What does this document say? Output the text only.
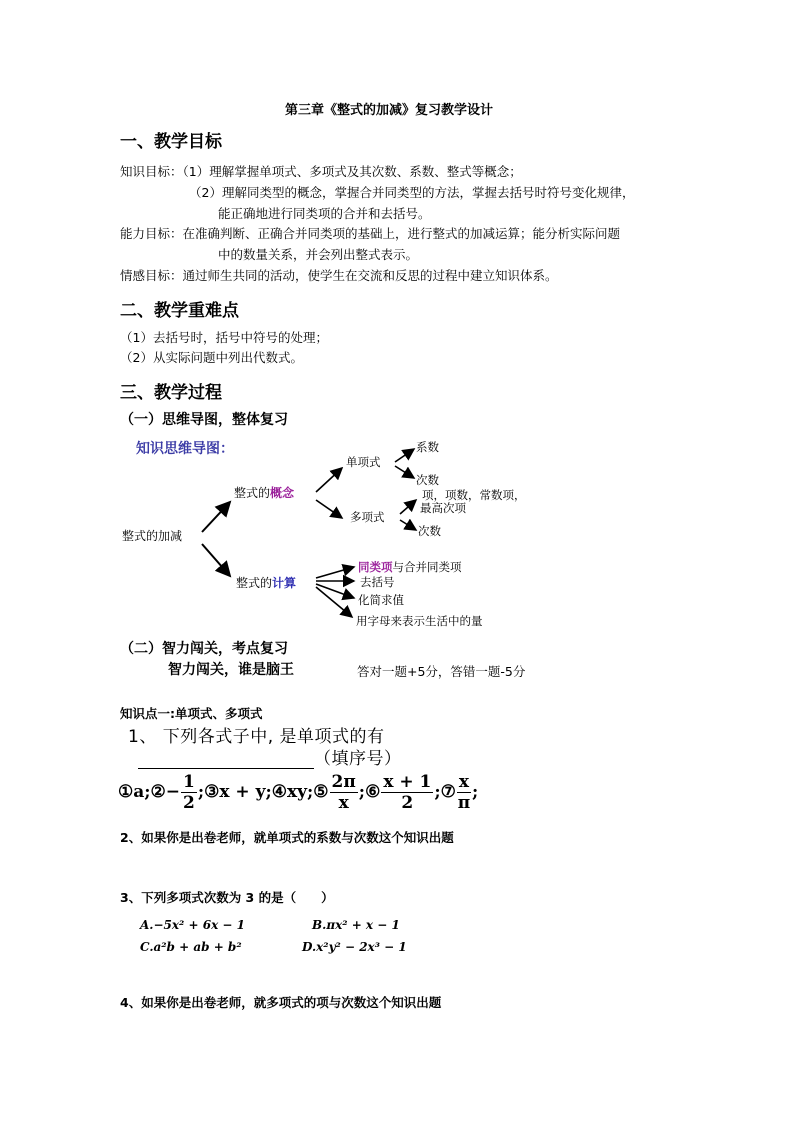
第三章《整式的加减》复习教学设计
一、教学目标
知识目标：（1）理解掌握单项式、多项式及其次数、系数、整式等概念；
（2）理解同类型的概念，掌握合并同类型的方法，掌握去括号时符号变化规律，
能正确地进行同类项的合并和去括号。
能力目标：在准确判断、正确合并同类项的基础上，进行整式的加减运算；能分析实际问题
中的数量关系，并会列出整式表示。
情感目标：通过师生共同的活动，使学生在交流和反思的过程中建立知识体系。
二、教学重难点
（1）去括号时，括号中符号的处理；
（2）从实际问题中列出代数式。
三、教学过程
（一）思维导图，整体复习
知识思维导图：
整式的加减
整式的概念
单项式
系数
次数
多项式
项，项数，常数项，
最高次项
次数
整式的计算
同类项与合并同类项
去括号
化简求值
用字母来表示生活中的量
（二）智力闯关，考点复习
智力闯关，谁是脑王	答对一题+5分，答错一题-5分
知识点一:单项式、多项式
1、 下列各式子中, 是单项式的有
（填序号）
①a;②− $\frac{1}{2}$ ;③x + y;④xy;⑤ $\frac{2\pi}{x}$ ;⑥ $\frac{x + 1}{2}$ ;⑦ $\frac{x}{\pi}$ ;
2、如果你是出卷老师，就单项式的系数与次数这个知识出题
3、下列多项式次数为 3 的是（　　）
A.−5x² + 6x − 1	B.πx² + x − 1
C.a²b + ab + b²	D.x²y² − 2x³ − 1
4、如果你是出卷老师，就多项式的项与次数这个知识出题
